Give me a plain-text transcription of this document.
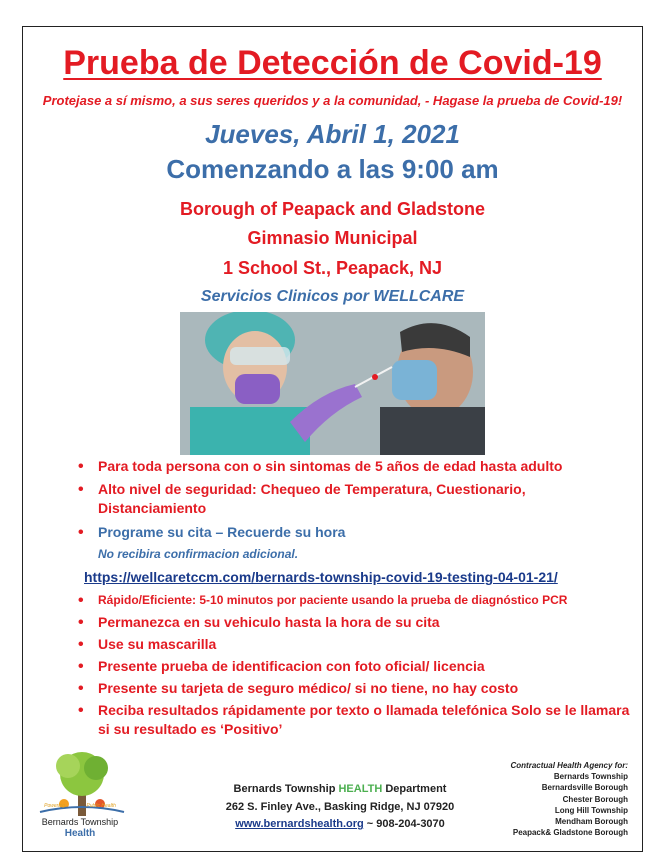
Prueba de Detección de Covid-19
Protejase a sí mismo, a sus seres queridos y a la comunidad, - Hagase la prueba de Covid-19!
Jueves, Abril 1, 2021
Comenzando a las 9:00 am
Borough of Peapack and Gladstone
Gimnasio Municipal
1 School St., Peapack, NJ
Servicios Clinicos por WELLCARE
• Para toda persona con o sin sintomas de 5 años de edad hasta adulto
• Alto nivel de seguridad: Chequeo de Temperatura, Cuestionario, Distanciamiento
• Programe su cita – Recuerde su hora
No recibira confirmacion adicional.
https://wellcaretccm.com/bernards-township-covid-19-testing-04-01-21/
• Rápido/Eficiente: 5-10 minutos por paciente usando la prueba de diagnóstico PCR
• Permanezca en su vehiculo hasta la hora de su cita
• Use su mascarilla
• Presente prueba de identificacion con foto oficial/ licencia
• Presente su tarjeta de seguro médico/ si no tiene, no hay costo
• Reciba resultados rápidamente por texto o llamada telefónica Solo se le llamara si su resultado es ‘Positivo’
Powering	Public Health
Bernards Township
Health
Bernards Township HEALTH Department
262 S. Finley Ave., Basking Ridge, NJ 07920
www.bernardshealth.org ~ 908-204-3070
Contractual Health Agency for:
Bernards Township
Bernardsville Borough
Chester Borough
Long Hill Township
Mendham Borough
Peapack& Gladstone Borough
